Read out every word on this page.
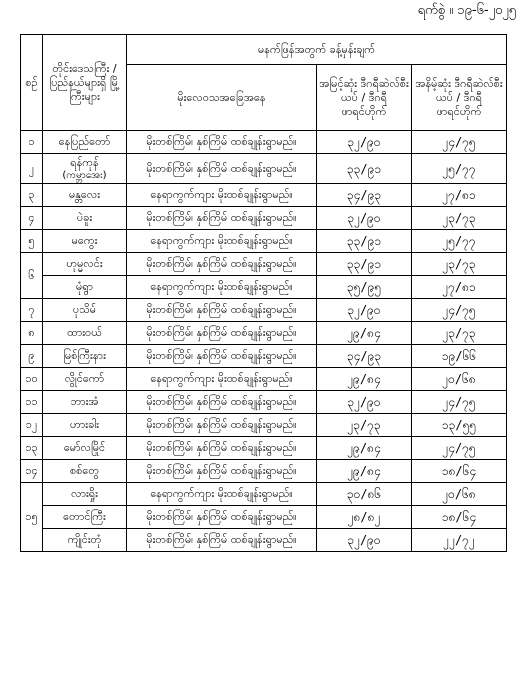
ရက်စွဲ ။ ၁၉-၆-၂၀၂၅
စဉ်	တိုင်းဒေသကြီး / ပြည်နယ်များရှိ မြို့ကြီးများ	မနက်ဖြန်အတွက် ခန့်မှန်းချက်		
		မိုးလေဝသအခြေအနေ	အမြင့်ဆုံး ဒီဂရီဆဲလ်စီးယပ် / ဒီဂရီဖာရင်ဟိုက်	အနိမ့်ဆုံး ဒီဂရီဆဲလ်စီးယပ် / ဒီဂရီဖာရင်ဟိုက်
၁	နေပြည်တော်	မိုးတစ်ကြိမ်၊ နှစ်ကြိမ် ထစ်ချုန်းရွာမည်။	၃၂/၉၀	၂၄/၇၅
၂	ရန်ကုန်
(ကမ္ဘာအေး)	မိုးတစ်ကြိမ်၊ နှစ်ကြိမ် ထစ်ချုန်းရွာမည်။	၃၃/၉၁	၂၅/၇၇
၃	မန္တလေး	နေရာကွက်ကျား မိုးထစ်ချုန်းရွာမည်။	၃၄/၉၃	၂၇/၈၁
၄	ပဲခူး	မိုးတစ်ကြိမ်၊ နှစ်ကြိမ် ထစ်ချုန်းရွာမည်။	၃၂/၉၀	၂၃/၇၃
၅	မကွေး	နေရာကွက်ကျား မိုးထစ်ချုန်းရွာမည်။	၃၃/၉၁	၂၅/၇၇
၆	ဟုမ္မလင်း	မိုးတစ်ကြိမ်၊ နှစ်ကြိမ် ထစ်ချုန်းရွာမည်။	၃၃/၉၁	၂၃/၇၃
	မုံရွာ	နေရာကွက်ကျား မိုးထစ်ချုန်းရွာမည်။	၃၅/၉၅	၂၇/၈၁
၇	ပုသိမ်	မိုးတစ်ကြိမ်၊ နှစ်ကြိမ် ထစ်ချုန်းရွာမည်။	၃၂/၉၀	၂၄/၇၅
၈	ထားဝယ်	မိုးတစ်ကြိမ်၊ နှစ်ကြိမ် ထစ်ချုန်းရွာမည်။	၂၉/၈၄	၂၃/၇၃
၉	မြစ်ကြီးနား	မိုးတစ်ကြိမ်၊ နှစ်ကြိမ် ထစ်ချုန်းရွာမည်။	၃၄/၉၃	၁၉/၆၆
၁၀	လွိုင်ကော်	နေရာကွက်ကျား မိုးထစ်ချုန်းရွာမည်။	၂၉/၈၄	၂၀/၆၈
၁၁	ဘားအံ	မိုးတစ်ကြိမ်၊ နှစ်ကြိမ် ထစ်ချုန်းရွာမည်။	၃၂/၉၀	၂၄/၇၅
၁၂	ဟားခါး	မိုးတစ်ကြိမ်၊ နှစ်ကြိမ် ထစ်ချုန်းရွာမည်။	၂၃/၇၃	၁၃/၅၅
၁၃	မော်လမြိုင်	မိုးတစ်ကြိမ်၊ နှစ်ကြိမ် ထစ်ချုန်းရွာမည်။	၂၉/၈၄	၂၄/၇၅
၁၄	စစ်တွေ	မိုးတစ်ကြိမ်၊ နှစ်ကြိမ် ထစ်ချုန်းရွာမည်။	၂၉/၈၄	၁၈/၆၄
၁၅	လားရှိုး	နေရာကွက်ကျား မိုးထစ်ချုန်းရွာမည်။	၃၀/၈၆	၂၀/၆၈
	တောင်ကြီး	မိုးတစ်ကြိမ်၊ နှစ်ကြိမ် ထစ်ချုန်းရွာမည်။	၂၈/၈၂	၁၈/၆၄
	ကျိုင်းတုံ	မိုးတစ်ကြိမ်၊ နှစ်ကြိမ် ထစ်ချုန်းရွာမည်။	၃၂/၉၀	၂၂/၇၂
